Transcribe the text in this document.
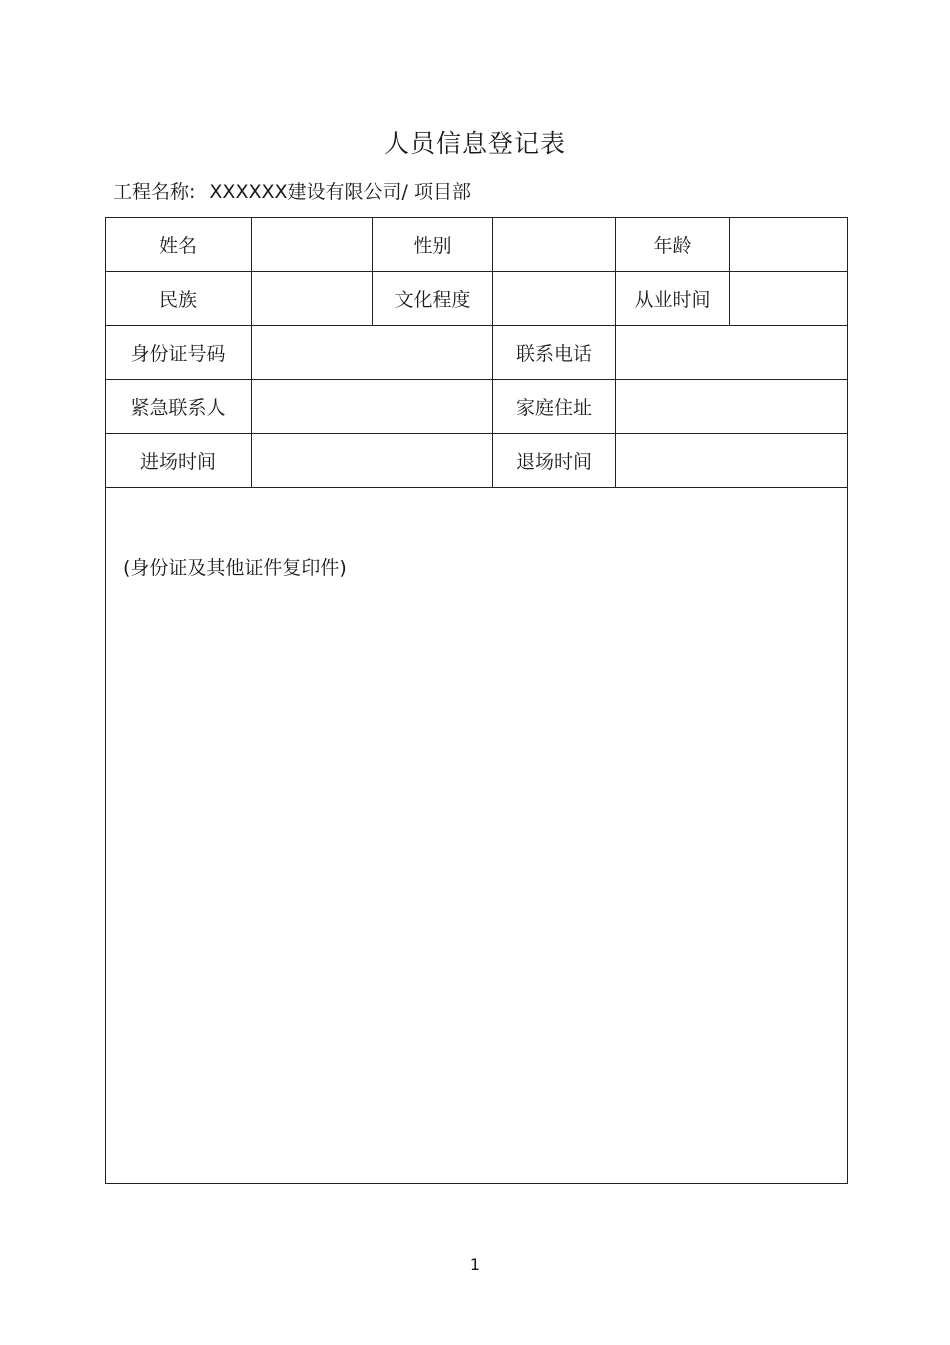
人员信息登记表
工程名称: XXXXXX建设有限公司/ 项目部
姓名	性别	年龄
民族	文化程度	从业时间
身份证号码	联系电话
紧急联系人	家庭住址
进场时间	退场时间
(身份证及其他证件复印件)
1
